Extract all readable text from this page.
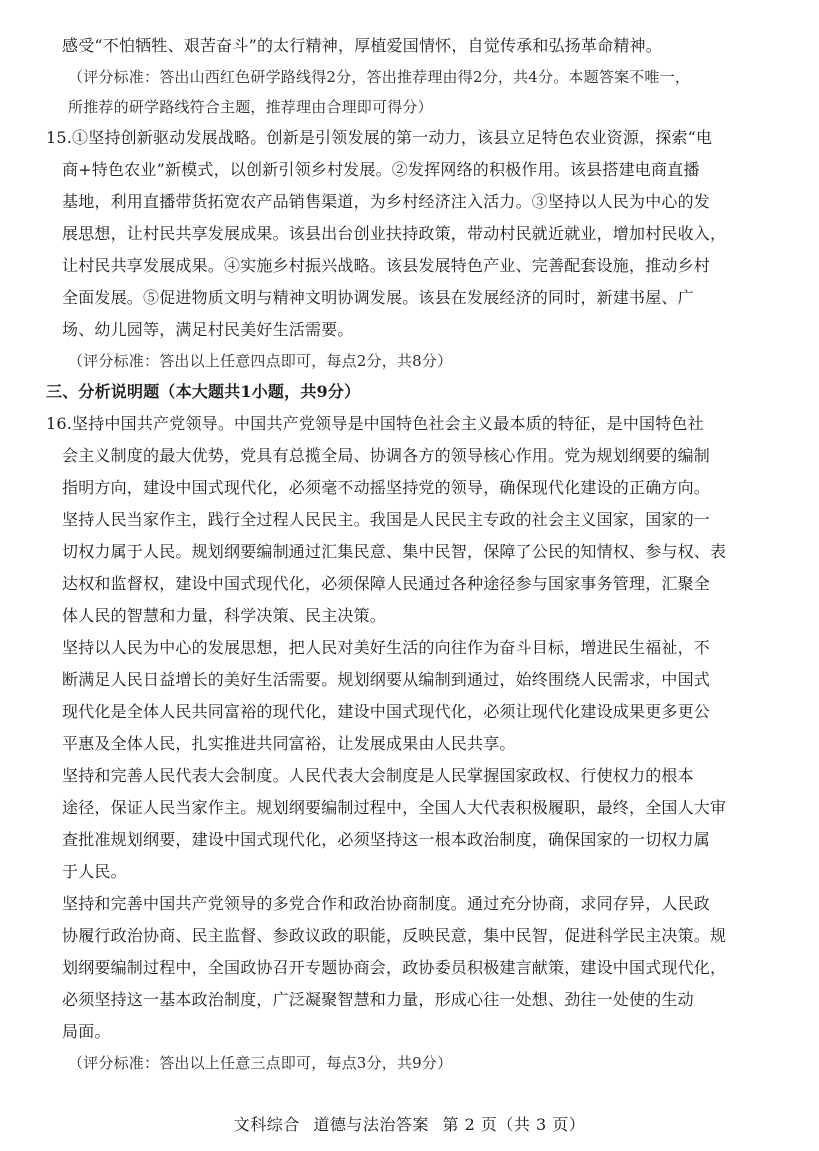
感受“不怕牺牲、艰苦奋斗”的太行精神，厚植爱国情怀，自觉传承和弘扬革命精神。
（评分标准：答出山西红色研学路线得2分，答出推荐理由得2分，共4分。本题答案不唯一，
所推荐的研学路线符合主题，推荐理由合理即可得分）
15.①坚持创新驱动发展战略。创新是引领发展的第一动力，该县立足特色农业资源，探索“电
商+特色农业”新模式，以创新引领乡村发展。②发挥网络的积极作用。该县搭建电商直播
基地，利用直播带货拓宽农产品销售渠道，为乡村经济注入活力。③坚持以人民为中心的发
展思想，让村民共享发展成果。该县出台创业扶持政策，带动村民就近就业，增加村民收入，
让村民共享发展成果。④实施乡村振兴战略。该县发展特色产业、完善配套设施，推动乡村
全面发展。⑤促进物质文明与精神文明协调发展。该县在发展经济的同时，新建书屋、广
场、幼儿园等，满足村民美好生活需要。
（评分标准：答出以上任意四点即可，每点2分，共8分）
三、分析说明题（本大题共1小题，共9分）
16.坚持中国共产党领导。中国共产党领导是中国特色社会主义最本质的特征，是中国特色社
会主义制度的最大优势，党具有总揽全局、协调各方的领导核心作用。党为规划纲要的编制
指明方向，建设中国式现代化，必须毫不动摇坚持党的领导，确保现代化建设的正确方向。
坚持人民当家作主，践行全过程人民民主。我国是人民民主专政的社会主义国家，国家的一
切权力属于人民。规划纲要编制通过汇集民意、集中民智，保障了公民的知情权、参与权、表
达权和监督权，建设中国式现代化，必须保障人民通过各种途径参与国家事务管理，汇聚全
体人民的智慧和力量，科学决策、民主决策。
坚持以人民为中心的发展思想，把人民对美好生活的向往作为奋斗目标，增进民生福祉，不
断满足人民日益增长的美好生活需要。规划纲要从编制到通过，始终围绕人民需求，中国式
现代化是全体人民共同富裕的现代化，建设中国式现代化，必须让现代化建设成果更多更公
平惠及全体人民，扎实推进共同富裕，让发展成果由人民共享。
坚持和完善人民代表大会制度。人民代表大会制度是人民掌握国家政权、行使权力的根本
途径，保证人民当家作主。规划纲要编制过程中，全国人大代表积极履职，最终，全国人大审
查批准规划纲要，建设中国式现代化，必须坚持这一根本政治制度，确保国家的一切权力属
于人民。
坚持和完善中国共产党领导的多党合作和政治协商制度。通过充分协商，求同存异，人民政
协履行政治协商、民主监督、参政议政的职能，反映民意，集中民智，促进科学民主决策。规
划纲要编制过程中，全国政协召开专题协商会，政协委员积极建言献策，建设中国式现代化，
必须坚持这一基本政治制度，广泛凝聚智慧和力量，形成心往一处想、劲往一处使的生动
局面。
（评分标准：答出以上任意三点即可，每点3分，共9分）
文科综合 道德与法治答案 第 2 页（共 3 页）
